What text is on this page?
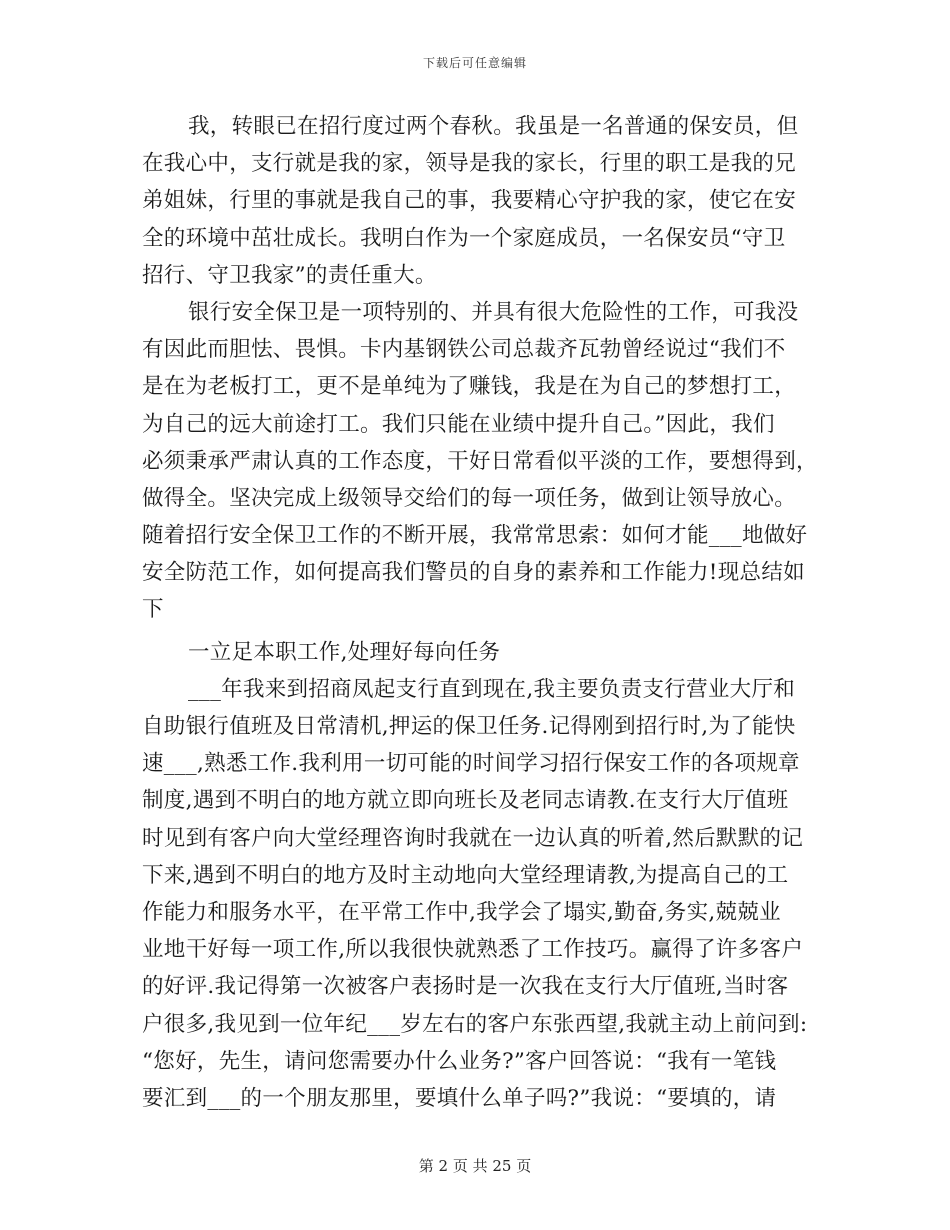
下载后可任意编辑
我，转眼已在招行度过两个春秋。我虽是一名普通的保安员，但
在我心中，支行就是我的家，领导是我的家长，行里的职工是我的兄
弟姐妹，行里的事就是我自己的事，我要精心守护我的家，使它在安
全的环境中茁壮成长。我明白作为一个家庭成员，一名保安员“守卫
招行、守卫我家”的责任重大。
银行安全保卫是一项特别的、并具有很大危险性的工作，可我没
有因此而胆怯、畏惧。卡内基钢铁公司总裁齐瓦勃曾经说过“我们不
是在为老板打工，更不是单纯为了赚钱，我是在为自己的梦想打工，
为自己的远大前途打工。我们只能在业绩中提升自己。”因此，我们
必须秉承严肃认真的工作态度，干好日常看似平淡的工作，要想得到，
做得全。坚决完成上级领导交给们的每一项任务，做到让领导放心。
随着招行安全保卫工作的不断开展，我常常思索：如何才能___地做好
安全防范工作，如何提高我们警员的自身的素养和工作能力!现总结如
下
一立足本职工作,处理好每向任务
___年我来到招商凤起支行直到现在,我主要负责支行营业大厅和
自助银行值班及日常清机,押运的保卫任务.记得刚到招行时,为了能快
速___,熟悉工作.我利用一切可能的时间学习招行保安工作的各项规章
制度,遇到不明白的地方就立即向班长及老同志请教.在支行大厅值班
时见到有客户向大堂经理咨询时我就在一边认真的听着,然后默默的记
下来,遇到不明白的地方及时主动地向大堂经理请教,为提高自己的工
作能力和服务水平，在平常工作中,我学会了塌实,勤奋,务实,兢兢业
业地干好每一项工作,所以我很快就熟悉了工作技巧。赢得了许多客户
的好评.我记得第一次被客户表扬时是一次我在支行大厅值班,当时客
户很多,我见到一位年纪___岁左右的客户东张西望,我就主动上前问到:
“您好，先生，请问您需要办什么业务?”客户回答说：“我有一笔钱
要汇到___的一个朋友那里，要填什么单子吗?”我说：“要填的，请
第 2 页 共 25 页
